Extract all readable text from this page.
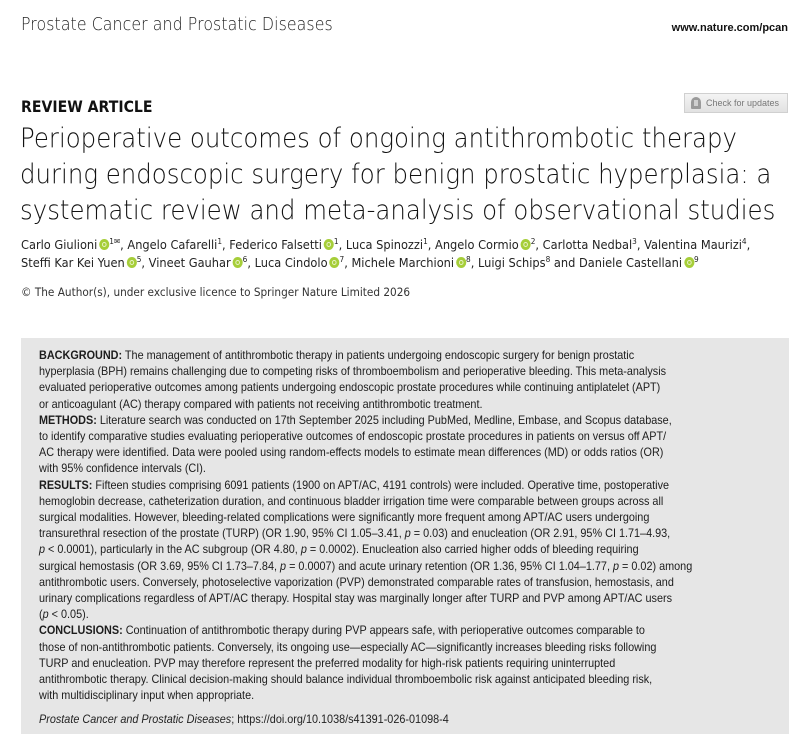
Prostate Cancer and Prostatic Diseases	www.nature.com/pcan
REVIEW ARTICLE	Check for updates
Perioperative outcomes of ongoing antithrombotic therapy
during endoscopic surgery for benign prostatic hyperplasia: a
systematic review and meta-analysis of observational studies
Carlo Giulioni $^{1✉}$, Angelo Cafarelli$^1$, Federico Falsetti $^1$, Luca Spinozzi$^1$, Angelo Cormio $^2$, Carlotta Nedbal$^3$, Valentina Maurizi$^4$,
Steffi Kar Kei Yuen $^5$, Vineet Gauhar $^6$, Luca Cindolo $^7$, Michele Marchioni $^8$, Luigi Schips$^8$ and Daniele Castellani $^9$
© The Author(s), under exclusive licence to Springer Nature Limited 2026

BACKGROUND: The management of antithrombotic therapy in patients undergoing endoscopic surgery for benign prostatic
hyperplasia (BPH) remains challenging due to competing risks of thromboembolism and perioperative bleeding. This meta-analysis
evaluated perioperative outcomes among patients undergoing endoscopic prostate procedures while continuing antiplatelet (APT)
or anticoagulant (AC) therapy compared with patients not receiving antithrombotic treatment.

METHODS: Literature search was conducted on 17th September 2025 including PubMed, Medline, Embase, and Scopus database,
to identify comparative studies evaluating perioperative outcomes of endoscopic prostate procedures in patients on versus off APT/
AC therapy were identified. Data were pooled using random-effects models to estimate mean differences (MD) or odds ratios (OR)
with 95% confidence intervals (CI).

RESULTS: Fifteen studies comprising 6091 patients (1900 on APT/AC, 4191 controls) were included. Operative time, postoperative
hemoglobin decrease, catheterization duration, and continuous bladder irrigation time were comparable between groups across all
surgical modalities. However, bleeding-related complications were significantly more frequent among APT/AC users undergoing
transurethral resection of the prostate (TURP) (OR 1.90, 95% CI 1.05–3.41, p = 0.03) and enucleation (OR 2.91, 95% CI 1.71–4.93,
p < 0.0001), particularly in the AC subgroup (OR 4.80, p = 0.0002). Enucleation also carried higher odds of bleeding requiring
surgical hemostasis (OR 3.69, 95% CI 1.73–7.84, p = 0.0007) and acute urinary retention (OR 1.36, 95% CI 1.04–1.77, p = 0.02) among
antithrombotic users. Conversely, photoselective vaporization (PVP) demonstrated comparable rates of transfusion, hemostasis, and
urinary complications regardless of APT/AC therapy. Hospital stay was marginally longer after TURP and PVP among APT/AC users
(p < 0.05).

CONCLUSIONS: Continuation of antithrombotic therapy during PVP appears safe, with perioperative outcomes comparable to
those of non-antithrombotic patients. Conversely, its ongoing use—especially AC—significantly increases bleeding risks following
TURP and enucleation. PVP may therefore represent the preferred modality for high-risk patients requiring uninterrupted
antithrombotic therapy. Clinical decision-making should balance individual thromboembolic risk against anticipated bleeding risk,
with multidisciplinary input when appropriate.

Prostate Cancer and Prostatic Diseases; https://doi.org/10.1038/s41391-026-01098-4
